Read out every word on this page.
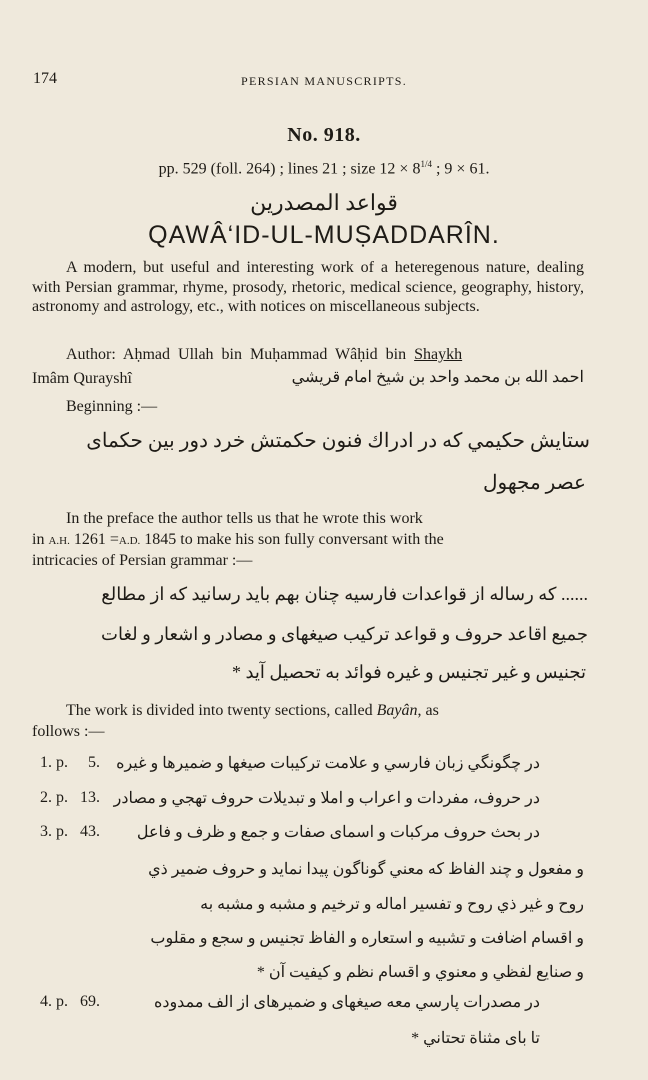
174	PERSIAN MANUSCRIPTS.
No. 918.
pp. 529 (foll. 264) ; lines 21 ; size $12 \times 8^{1/4}$ ; 9 × 61.
قواعد المصدرين
QAWÂ‘ID-UL-MUṢADDARÎN.
A modern, but useful and interesting work of a heteregenous nature, dealing with Persian grammar, rhyme, prosody, rhetoric, medical science, geography, history, astronomy and astrology, etc., with notices on miscellaneous subjects.
Author: Aḥmad Ullah bin Muḥammad Wâḥid bin Shaykh
Imâm Qurayshî	احمد الله بن محمد واحد بن شيخ امام قريشي
Beginning :—
ستايش حكيمي كه در ادراك فنون حكمتش خرد دور بين حكماى
عصر مجهول
In the preface the author tells us that he wrote this work
in A.H. 1261 =A.D. 1845 to make his son fully conversant with the
intricacies of Persian grammar :—
...... كه رساله از قواعدات فارسيه چنان بهم بايد رسانيد كه از مطالع
جميع اقاعد حروف و قواعد تركيب صيغهاى و مصادر و اشعار و لغات
تجنيس و غير تجنيس و غيره فوائد به تحصيل آيد *
The work is divided into twenty sections, called Bayân, as
follows :—
1. p. 5. در چگونگي زبان فارسي و علامت تركيبات صيغها و ضميرها و غيره
2. p. 13. در حروف، مفردات و اعراب و املا و تبديلات حروف تهجي و مصادر
3. p. 43. در بحث حروف مركبات و اسماى صفات و جمع و ظرف و فاعل
و مفعول و چند الفاظ كه معني گوناگون پيدا نمايد و حروف ضمير ذي
روح و غير ذي روح و تفسير اماله و ترخيم و مشبه و مشبه به
و اقسام اضافت و تشبيه و استعاره و الفاظ تجنيس و سجع و مقلوب
و صنايع لفظي و معنوي و اقسام نظم و كيفيت آن *
4. p. 69.	در مصدرات پارسي معه صيغهاى و ضميرهاى از الف ممدوده
تا باى مثناة تحتاني *
